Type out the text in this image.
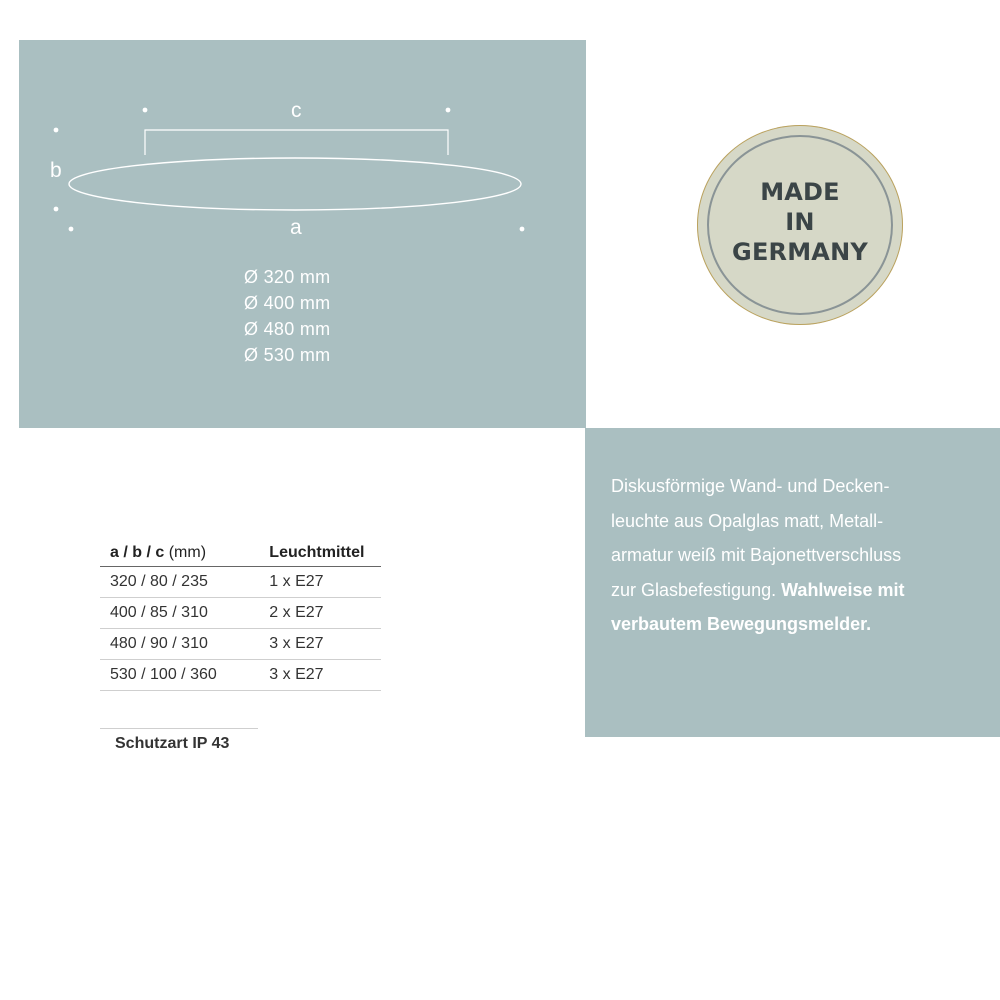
c
b
a
Ø 320 mm
Ø 400 mm
Ø 480 mm
Ø 530 mm
MADE
IN
GERMANY
Diskusförmige Wand- und Decken-
leuchte aus Opalglas matt, Metall-
armatur weiß mit Bajonettverschluss
zur Glasbefestigung. Wahlweise mit
verbautem Bewegungsmelder.
a / b / c (mm)	Leuchtmittel
320 / 80 / 235	1 x E27
400 / 85 / 310	2 x E27
480 / 90 / 310	3 x E27
530 / 100 / 360	3 x E27
Schutzart IP 43
